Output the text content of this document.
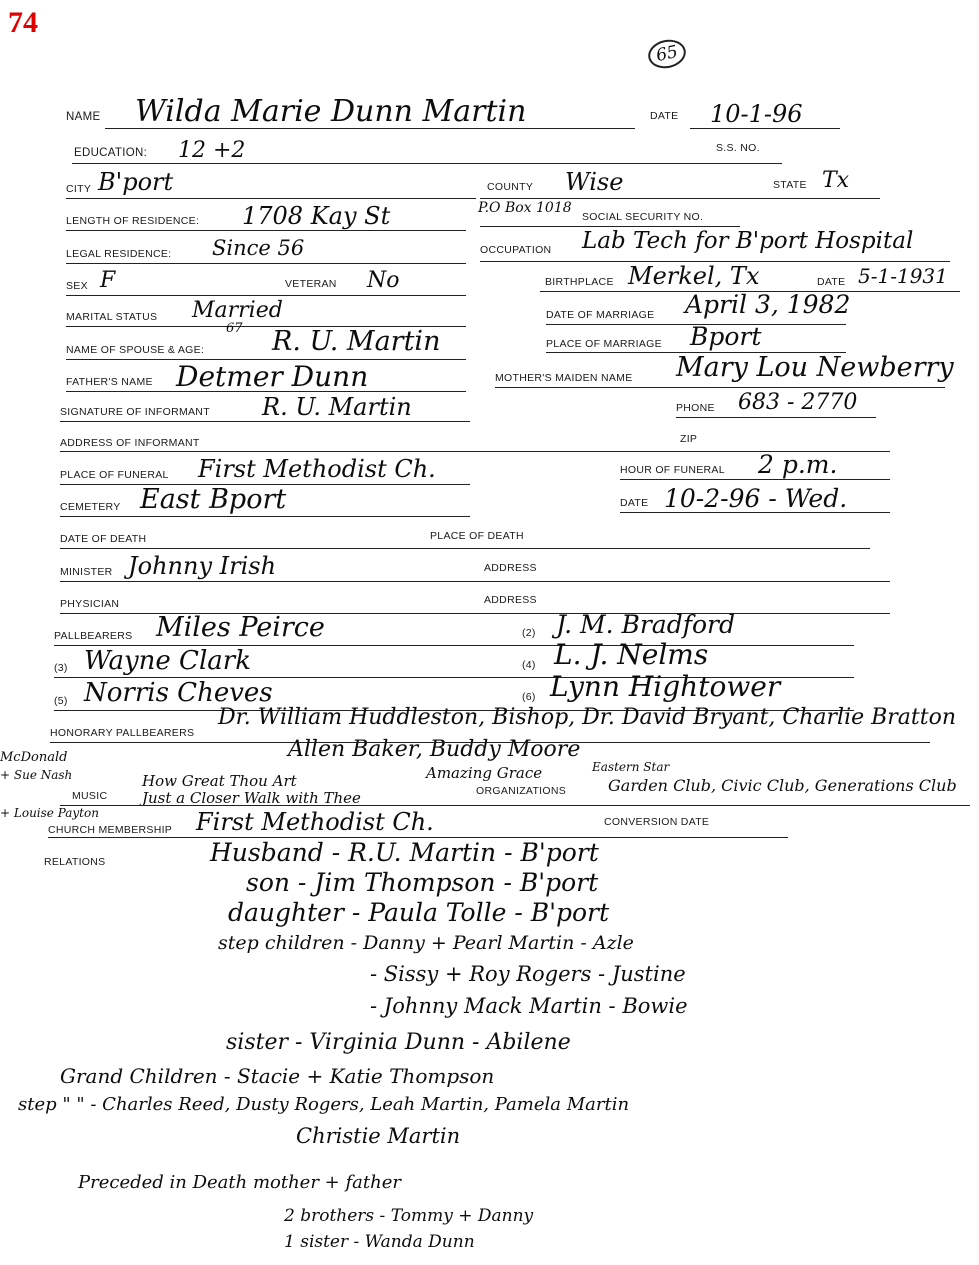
74
65
NAME Wilda Marie Dunn Martin	DATE 10-1-96
EDUCATION: 12 +2	S.S. NO.
CITY B'port	COUNTY Wise	STATE Tx
LENGTH OF RESIDENCE: 1708 Kay St	P.O Box 1018
SOCIAL SECURITY NO.
LEGAL RESIDENCE: Since 56	OCCUPATION Lab Tech for B'port Hospital
SEX F	VETERAN No	BIRTHPLACE Merkel, Tx	DATE 5-1-1931
MARITAL STATUS Married	DATE OF MARRIAGE April 3, 1982
NAME OF SPOUSE & AGE:
67 R. U. Martin	PLACE OF MARRIAGE Bport
FATHER'S NAME Detmer Dunn	MOTHER'S MAIDEN NAME Mary Lou Newberry
SIGNATURE OF INFORMANT R. U. Martin	PHONE 683 - 2770
ADDRESS OF INFORMANT	ZIP
PLACE OF FUNERAL First Methodist Ch.	HOUR OF FUNERAL 2 p.m.
CEMETERY East Bport	DATE 10-2-96 - Wed.
DATE OF DEATH	PLACE OF DEATH
MINISTER Johnny Irish	ADDRESS
PHYSICIAN	ADDRESS
PALLBEARERS Miles Peirce	(2) J. M. Bradford
(3) Wayne Clark	(4) L. J. Nelms
(5) Norris Cheves	(6) Lynn Hightower
HONORARY PALLBEARERS
Dr. William Huddleston, Bishop, Dr. David Bryant, Charlie Bratton
Allen Baker, Buddy Moore
McDonald
+ Sue Nash
+ Louise Payton
MUSIC
How Great Thou Art
Just a Closer Walk with Thee
Amazing Grace	Eastern Star
ORGANIZATIONS	Garden Club, Civic Club, Generations Club
CHURCH MEMBERSHIP First Methodist Ch.	CONVERSION DATE
RELATIONS	Husband - R.U. Martin - B'port
son - Jim Thompson - B'port
daughter - Paula Tolle - B'port
step children - Danny + Pearl Martin - Azle
- Sissy + Roy Rogers - Justine
- Johnny Mack Martin - Bowie
sister - Virginia Dunn - Abilene
Grand Children - Stacie + Katie Thompson
step " " - Charles Reed, Dusty Rogers, Leah Martin, Pamela Martin
Christie Martin
Preceded in Death mother + father
2 brothers - Tommy + Danny
1 sister - Wanda Dunn
